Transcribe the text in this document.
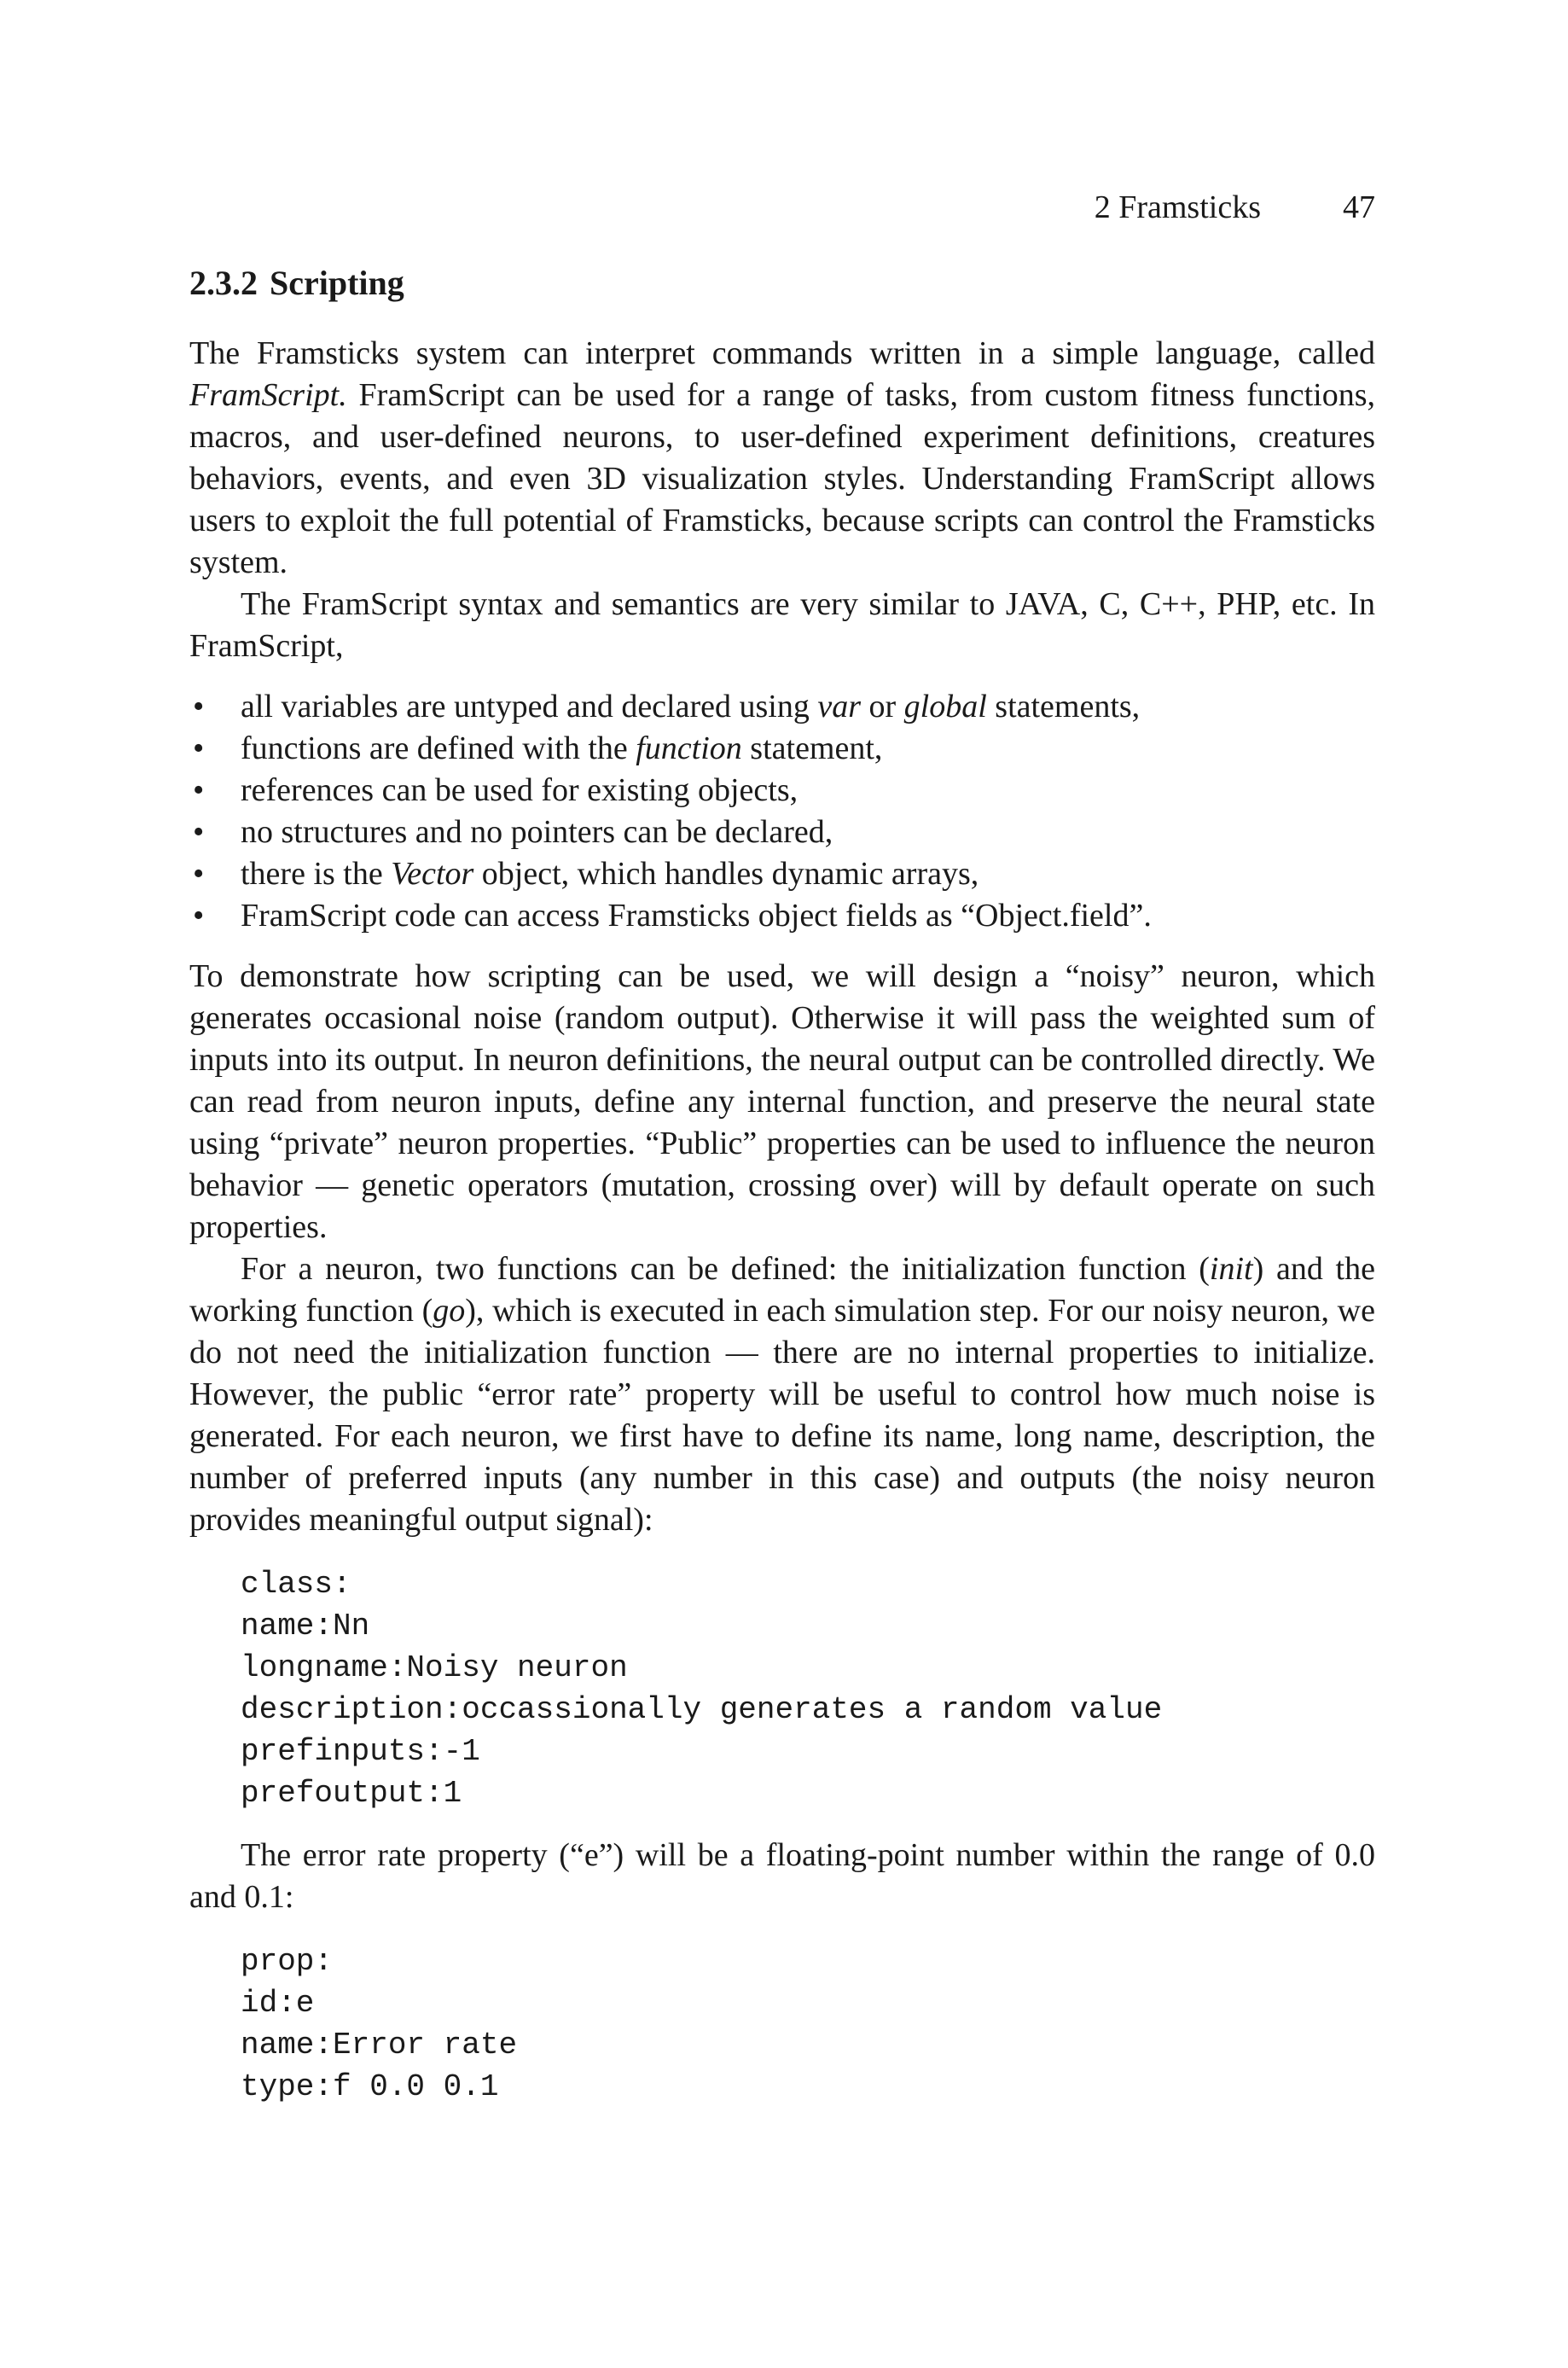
2 Framsticks	47
2.3.2 Scripting

The Framsticks system can interpret commands written in a simple language, called FramScript. FramScript can be used for a range of tasks, from custom fitness functions, macros, and user-defined neurons, to user-defined experiment definitions, creatures behaviors, events, and even 3D visualization styles. Understanding FramScript allows users to exploit the full potential of Framsticks, because scripts can control the Framsticks system.

The FramScript syntax and semantics are very similar to JAVA, C, C++, PHP, etc. In FramScript,

• all variables are untyped and declared using var or global statements,
• functions are defined with the function statement,
• references can be used for existing objects,
• no structures and no pointers can be declared,
• there is the Vector object, which handles dynamic arrays,
• FramScript code can access Framsticks object fields as “Object.field”.

To demonstrate how scripting can be used, we will design a “noisy” neuron, which generates occasional noise (random output). Otherwise it will pass the weighted sum of inputs into its output. In neuron definitions, the neural output can be controlled directly. We can read from neuron inputs, define any internal function, and preserve the neural state using “private” neuron properties. “Public” properties can be used to influence the neuron behavior — genetic operators (mutation, crossing over) will by default operate on such properties.

For a neuron, two functions can be defined: the initialization function (init) and the working function (go), which is executed in each simulation step. For our noisy neuron, we do not need the initialization function — there are no internal properties to initialize. However, the public “error rate” property will be useful to control how much noise is generated. For each neuron, we first have to define its name, long name, description, the number of preferred inputs (any number in this case) and outputs (the noisy neuron provides meaningful output signal):

class:
name:Nn
longname:Noisy neuron
description:occassionally generates a random value
prefinputs:-1
prefoutput:1

The error rate property (“e”) will be a floating-point number within the range of 0.0 and 0.1:

prop:
id:e
name:Error rate
type:f 0.0 0.1
